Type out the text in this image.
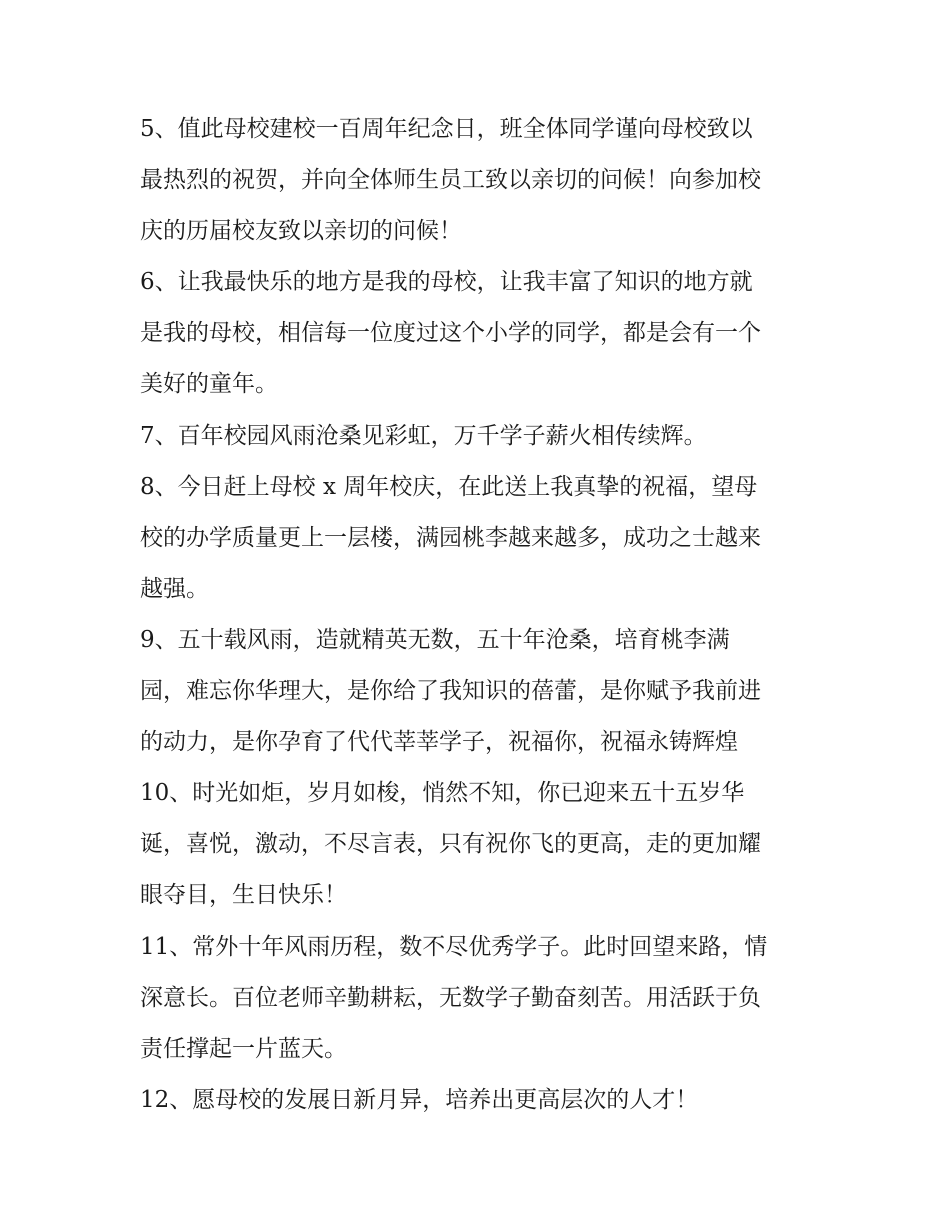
5、值此母校建校一百周年纪念日，班全体同学谨向母校致以
最热烈的祝贺，并向全体师生员工致以亲切的问候！向参加校
庆的历届校友致以亲切的问候！
6、让我最快乐的地方是我的母校，让我丰富了知识的地方就
是我的母校，相信每一位度过这个小学的同学，都是会有一个
美好的童年。
7、百年校园风雨沧桑见彩虹，万千学子薪火相传续辉。
8、今日赶上母校 x 周年校庆，在此送上我真挚的祝福，望母
校的办学质量更上一层楼，满园桃李越来越多，成功之士越来
越强。
9、五十载风雨，造就精英无数，五十年沧桑，培育桃李满
园，难忘你华理大，是你给了我知识的蓓蕾，是你赋予我前进
的动力，是你孕育了代代莘莘学子，祝福你，祝福永铸辉煌
10、时光如炬，岁月如梭，悄然不知，你已迎来五十五岁华
诞，喜悦，激动，不尽言表，只有祝你飞的更高，走的更加耀
眼夺目，生日快乐！
11、常外十年风雨历程，数不尽优秀学子。此时回望来路，情
深意长。百位老师辛勤耕耘，无数学子勤奋刻苦。用活跃于负
责任撑起一片蓝天。
12、愿母校的发展日新月异，培养出更高层次的人才！
